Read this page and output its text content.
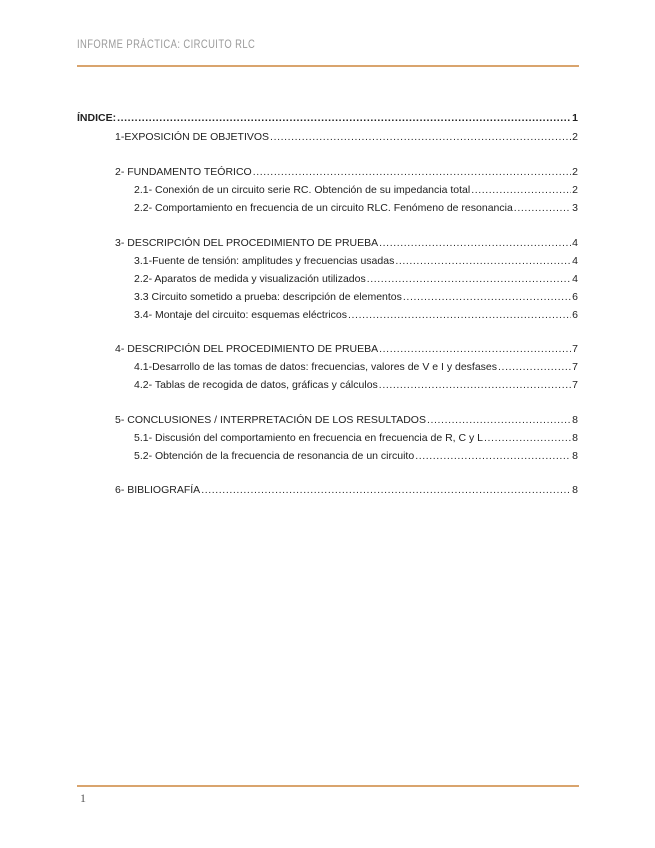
INFORME PRÁCTICA: CIRCUITO RLC
ÍNDICE: .....	1
1-EXPOSICIÓN DE OBJETIVOS .....	2
2- FUNDAMENTO TEÓRICO .....	2
2.1- Conexión de un circuito serie RC. Obtención de su impedancia total .....	2
2.2- Comportamiento en frecuencia de un circuito RLC. Fenómeno de resonancia .....	3
3- DESCRIPCIÓN DEL PROCEDIMIENTO DE PRUEBA .....	4
3.1-Fuente de tensión: amplitudes y frecuencias usadas .....	4
2.2- Aparatos de medida y visualización utilizados .....	4
3.3 Circuito sometido a prueba: descripción de elementos .....	6
3.4- Montaje del circuito: esquemas eléctricos .....	6
4- DESCRIPCIÓN DEL PROCEDIMIENTO DE PRUEBA .....	7
4.1-Desarrollo de las tomas de datos: frecuencias, valores de V e I y desfases .....	7
4.2- Tablas de recogida de datos, gráficas y cálculos .....	7
5- CONCLUSIONES / INTERPRETACIÓN DE LOS RESULTADOS .....	8
5.1- Discusión del comportamiento en frecuencia en frecuencia de R, C y L .....	8
5.2- Obtención de la frecuencia de resonancia de un circuito .....	8
6- BIBLIOGRAFÍA .....	8
1
